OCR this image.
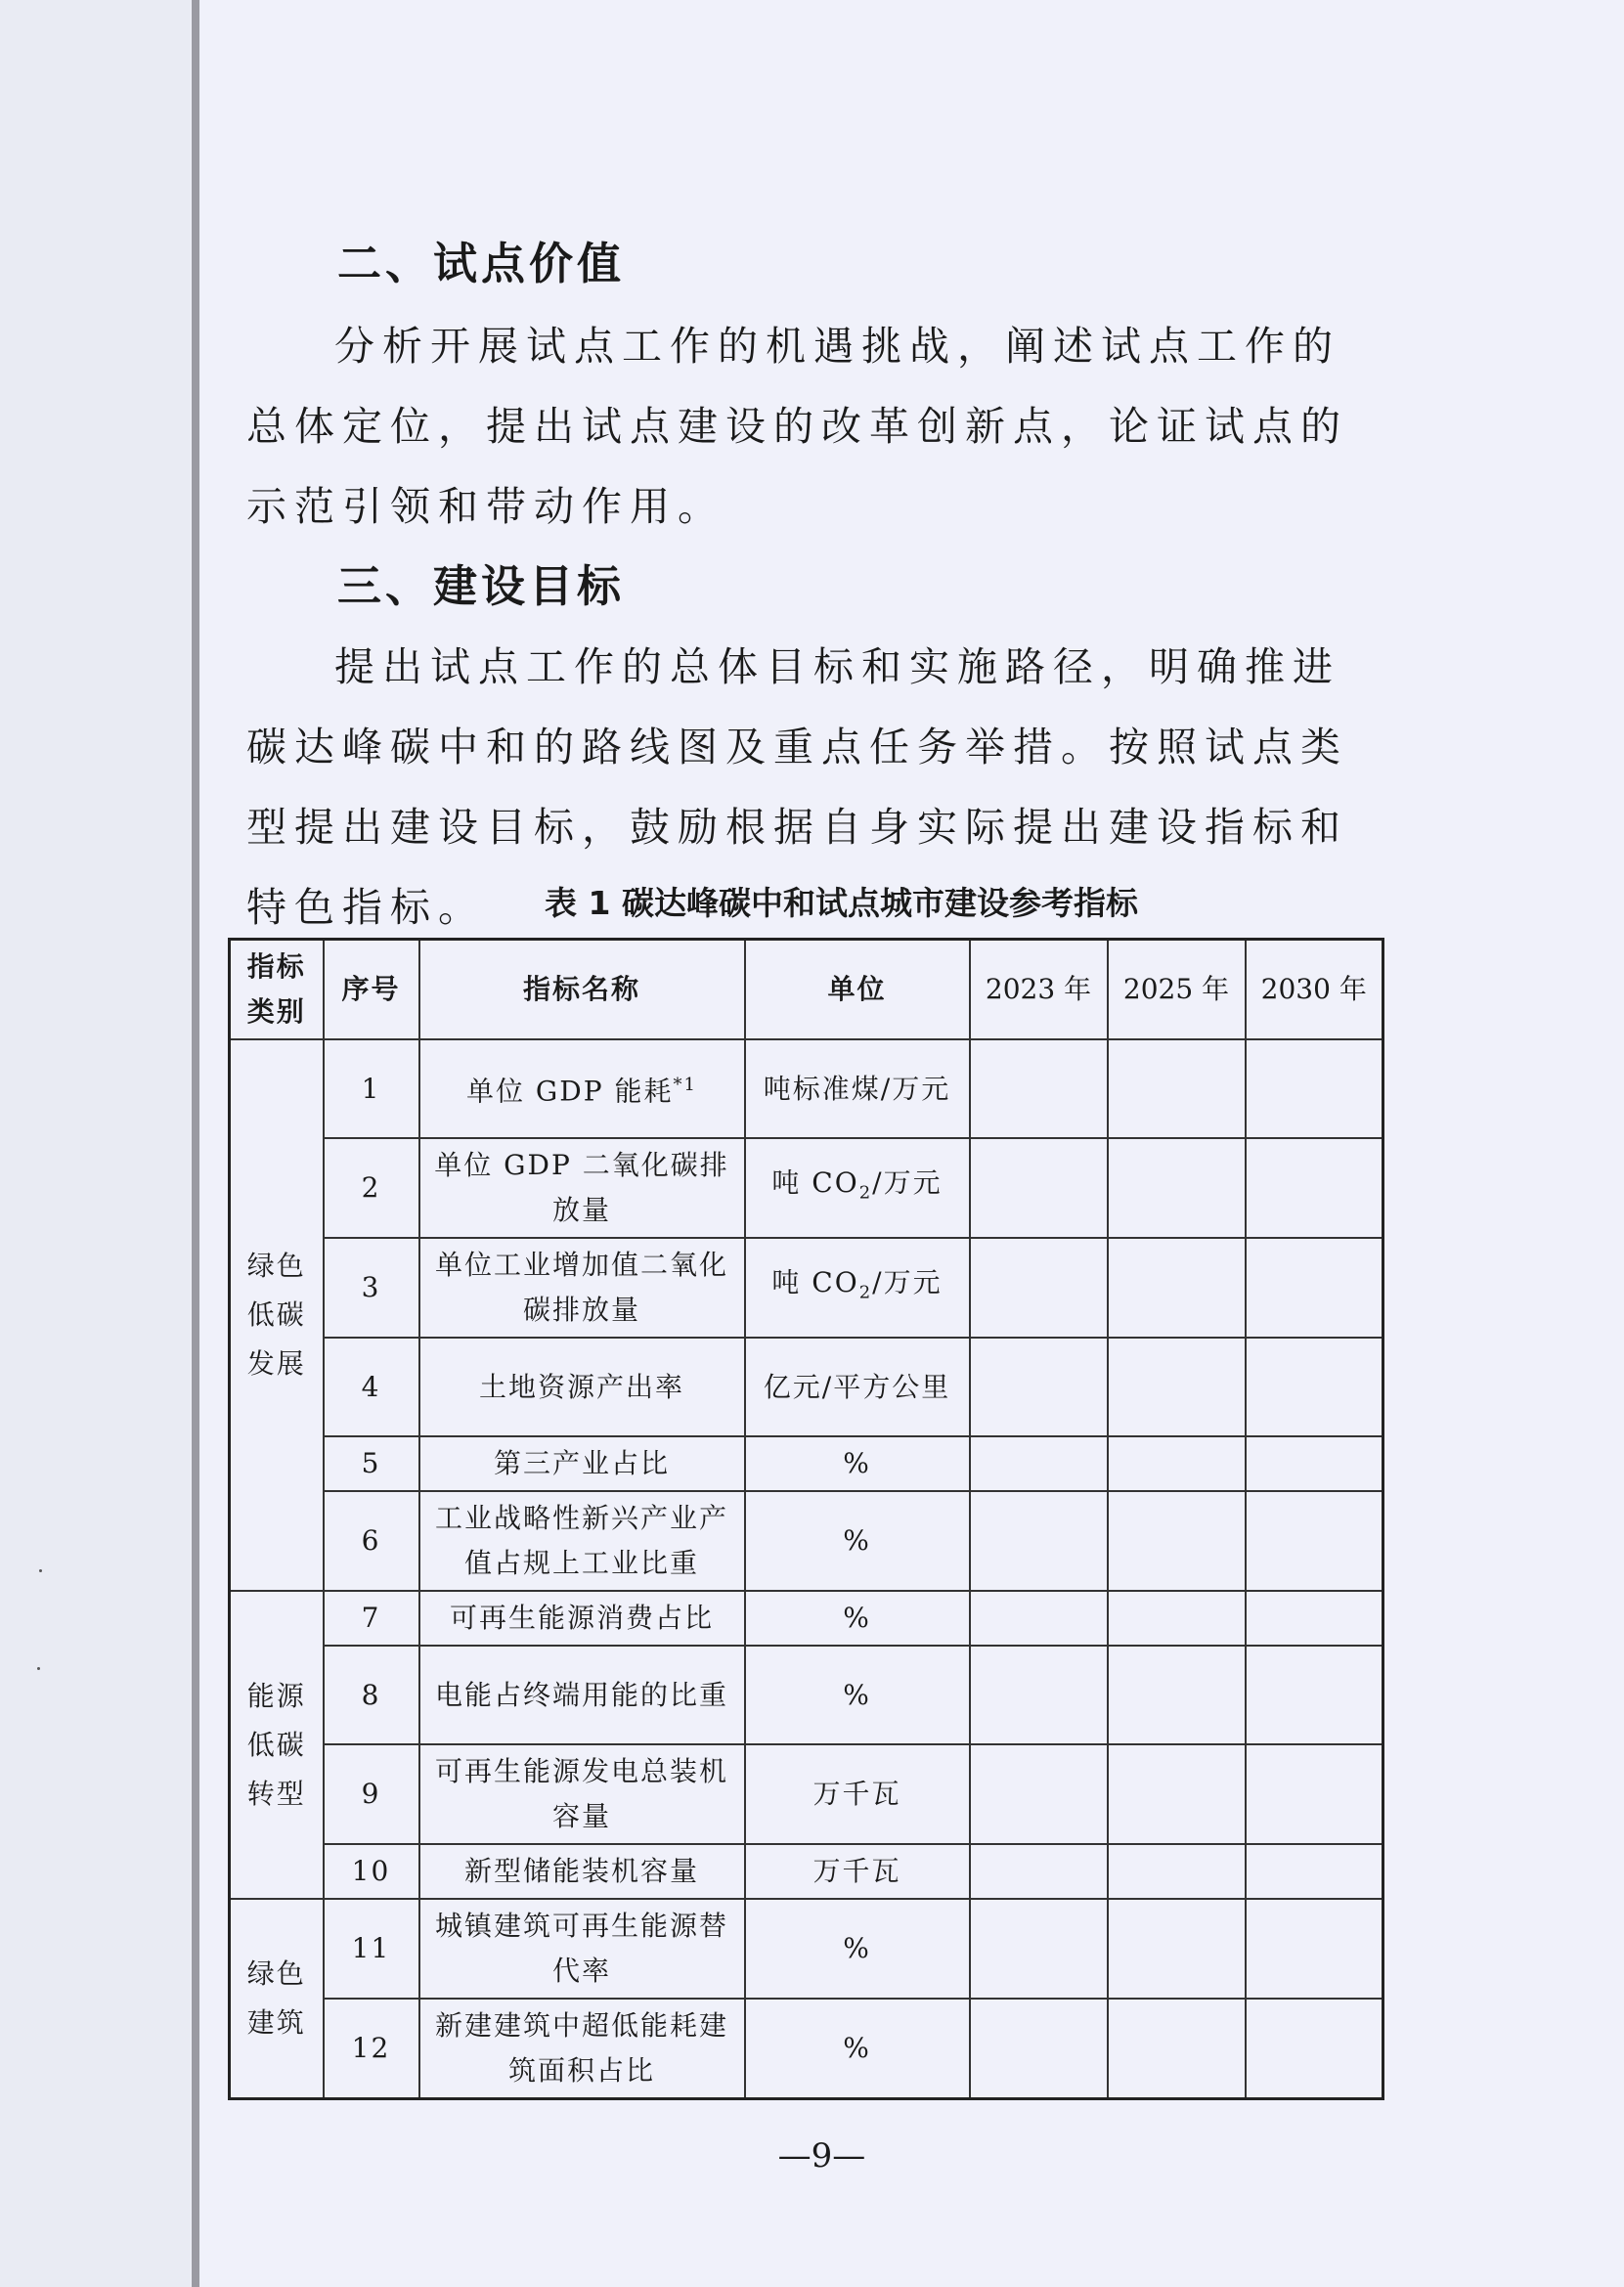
二、试点价值

分析开展试点工作的机遇挑战，阐述试点工作的总体定位，提出试点建设的改革创新点，论证试点的示范引领和带动作用。

三、建设目标

提出试点工作的总体目标和实施路径，明确推进碳达峰碳中和的路线图及重点任务举措。按照试点类型提出建设目标，鼓励根据自身实际提出建设指标和特色指标。	表 1 碳达峰碳中和试点城市建设参考指标
指标类别	序号	指标名称	单位	2023 年	2025 年	2030 年
绿色低碳发展	1	单位 GDP 能耗$^{*1}$	吨标准煤/万元			
	2	单位 GDP 二氧化碳排放量	吨 $CO_2/$万元			
	3	单位工业增加值二氧化碳排放量	吨 $CO_2/$万元			
	4	土地资源产出率	亿元/平方公里			
	5	第三产业占比	%			
	6	工业战略性新兴产业产值占规上工业比重	%			
能源低碳转型	7	可再生能源消费占比	%			
	8	电能占终端用能的比重	%			
	9	可再生能源发电总装机容量	万千瓦			
	10	新型储能装机容量	万千瓦			
绿色建筑	11	城镇建筑可再生能源替代率	%			
	12	新建建筑中超低能耗建筑面积占比	%			
—9—
